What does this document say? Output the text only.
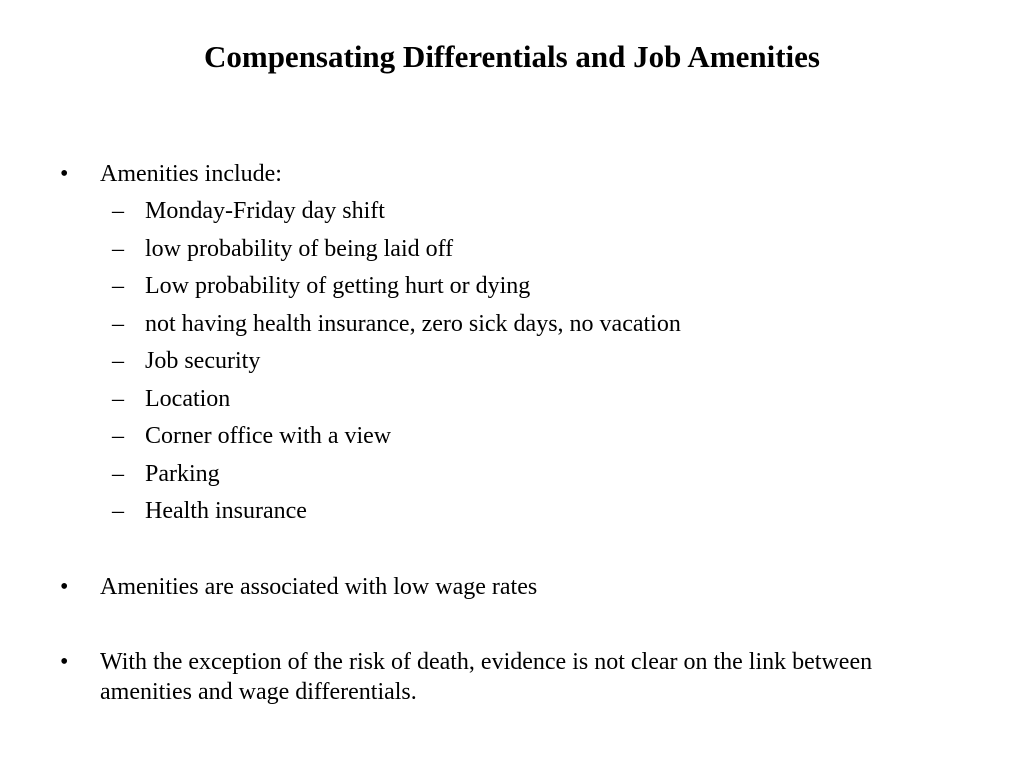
Compensating Differentials and Job Amenities
•	Amenities include:
– Monday-Friday day shift
– low probability of being laid off
– Low probability of getting hurt or dying
– not having health insurance, zero sick days, no vacation
– Job security
– Location
– Corner office with a view
– Parking
– Health insurance
•	Amenities are associated with low wage rates
•	With the exception of the risk of death, evidence is not clear on the link between amenities and wage differentials.
